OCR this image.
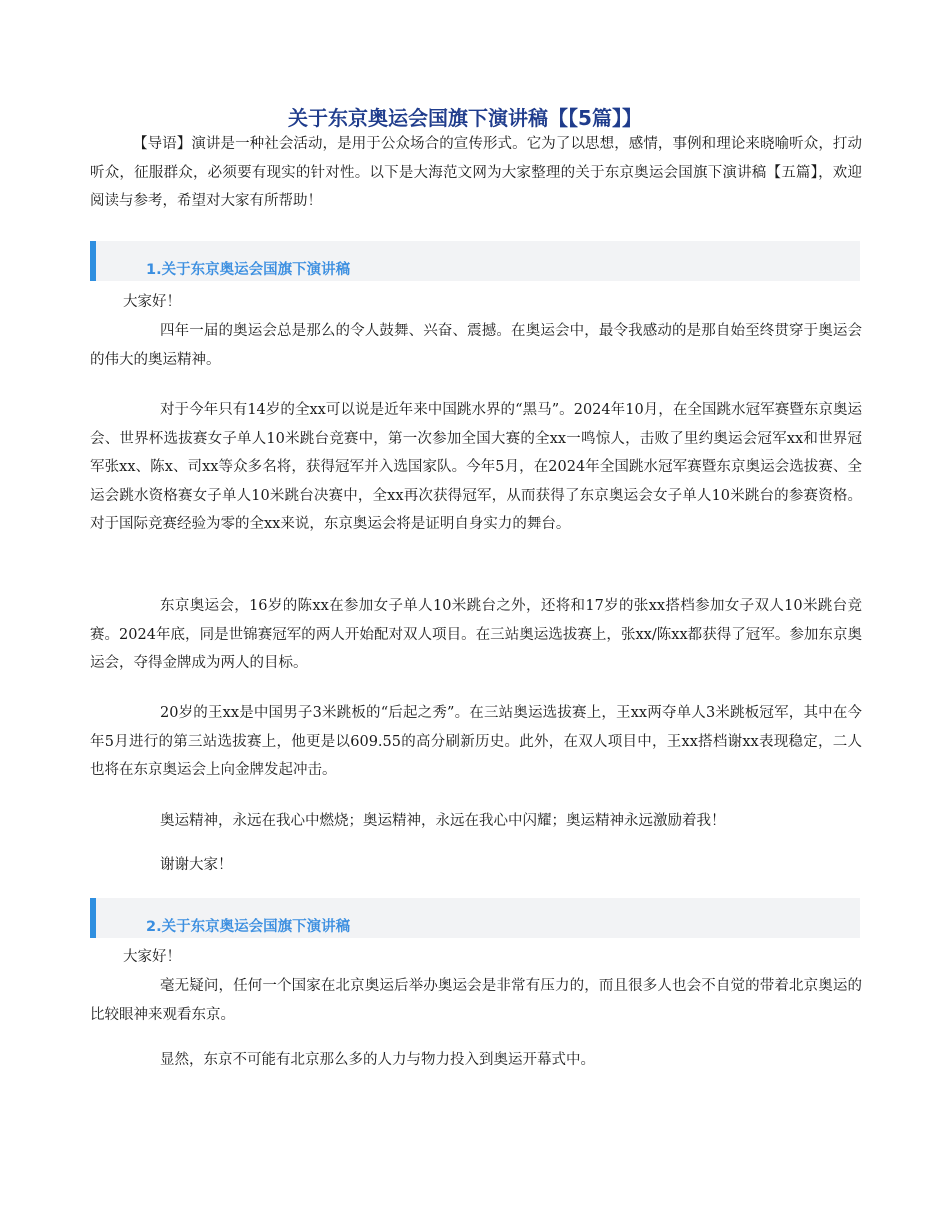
关于东京奥运会国旗下演讲稿【【5篇】】

【导语】演讲是一种社会活动，是用于公众场合的宣传形式。它为了以思想，感情，事例和理论来晓喻听众，打动听众，征服群众，必须要有现实的针对性。以下是大海范文网为大家整理的关于东京奥运会国旗下演讲稿【五篇】，欢迎阅读与参考，希望对大家有所帮助！

1.关于东京奥运会国旗下演讲稿

大家好！

四年一届的奥运会总是那么的令人鼓舞、兴奋、震撼。在奥运会中，最令我感动的是那自始至终贯穿于奥运会的伟大的奥运精神。

对于今年只有14岁的全xx可以说是近年来中国跳水界的“黑马”。2024年10月，在全国跳水冠军赛暨东京奥运会、世界杯选拔赛女子单人10米跳台竞赛中，第一次参加全国大赛的全xx一鸣惊人，击败了里约奥运会冠军xx和世界冠军张xx、陈x、司xx等众多名将，获得冠军并入选国家队。今年5月，在2024年全国跳水冠军赛暨东京奥运会选拔赛、全运会跳水资格赛女子单人10米跳台决赛中，全xx再次获得冠军，从而获得了东京奥运会女子单人10米跳台的参赛资格。对于国际竞赛经验为零的全xx来说，东京奥运会将是证明自身实力的舞台。

东京奥运会，16岁的陈xx在参加女子单人10米跳台之外，还将和17岁的张xx搭档参加女子双人10米跳台竞赛。2024年底，同是世锦赛冠军的两人开始配对双人项目。在三站奥运选拔赛上，张xx/陈xx都获得了冠军。参加东京奥运会，夺得金牌成为两人的目标。

20岁的王xx是中国男子3米跳板的“后起之秀”。在三站奥运选拔赛上，王xx两夺单人3米跳板冠军，其中在今年5月进行的第三站选拔赛上，他更是以609.55的高分刷新历史。此外，在双人项目中，王xx搭档谢xx表现稳定，二人也将在东京奥运会上向金牌发起冲击。

奥运精神，永远在我心中燃烧；奥运精神，永远在我心中闪耀；奥运精神永远激励着我！

谢谢大家！

2.关于东京奥运会国旗下演讲稿

大家好！

毫无疑问，任何一个国家在北京奥运后举办奥运会是非常有压力的，而且很多人也会不自觉的带着北京奥运的比较眼神来观看东京。

显然，东京不可能有北京那么多的人力与物力投入到奥运开幕式中。
